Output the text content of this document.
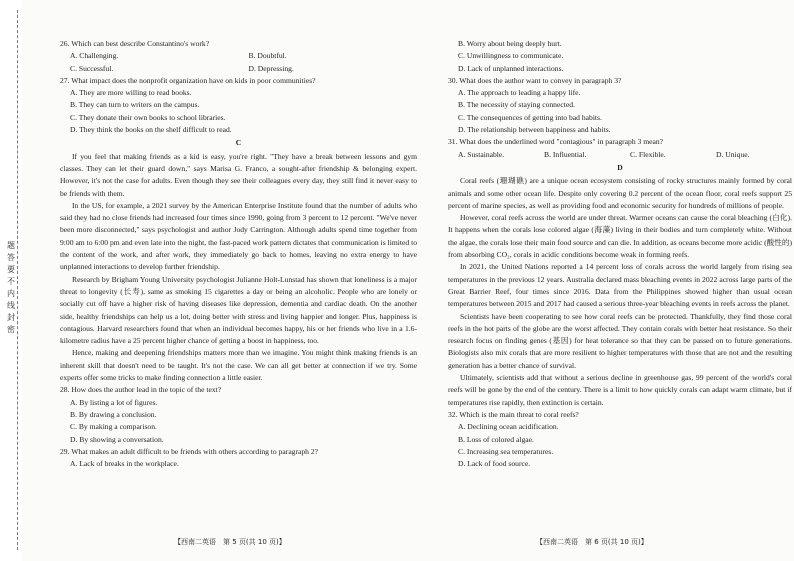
题
答
要
不
内
线
封
密

26. Which can best describe Constantino's work?

A. Challenging.	B. Doubtful.
C. Successful.	D. Depressing.

27. What impact does the nonprofit organization have on kids in poor communities?

A. They are more willing to read books.
B. They can turn to writers on the campus.
C. They donate their own books to school libraries.
D. They think the books on the shelf difficult to read.
C

If you feel that making friends as a kid is easy, you're right. "They have a break between lessons and gym classes. They can let their guard down," says Marisa G. Franco, a sought-after friendship & belonging expert. However, it's not the case for adults. Even though they see their colleagues every day, they still find it never easy to be friends with them.

In the US, for example, a 2021 survey by the American Enterprise Institute found that the number of adults who said they had no close friends had increased four times since 1990, going from 3 percent to 12 percent. "We've never been more disconnected," says psychologist and author Jody Carrington. Although adults spend time together from 9:00 am to 6:00 pm and even late into the night, the fast-paced work pattern dictates that communication is limited to the content of the work, and after work, they immediately go back to homes, leaving no extra energy to have unplanned interactions to develop further friendship.

Research by Brigham Young University psychologist Julianne Holt-Lunstad has shown that loneliness is a major threat to longevity (长寿), same as smoking 15 cigarettes a day or being an alcoholic. People who are lonely or socially cut off have a higher risk of having diseases like depression, dementia and cardiac death. On the another side, healthy friendships can help us a lot, doing better with stress and living happier and longer. Plus, happiness is contagious. Harvard researchers found that when an individual becomes happy, his or her friends who live in a 1.6-kilometre radius have a 25 percent higher chance of getting a boost in happiness, too.

Hence, making and deepening friendships matters more than we imagine. You might think making friends is an inherent skill that doesn't need to be taught. It's not the case. We can all get better at connection if we try. Some experts offer some tricks to make finding connection a little easier.

28. How does the author lead in the topic of the text?

A. By listing a lot of figures.
B. By drawing a conclusion.
C. By making a comparison.
D. By showing a conversation.

29. What makes an adult difficult to be friends with others according to paragraph 2?

A. Lack of breaks in the workplace.
B. Worry about being deeply hurt.
C. Unwillingness to communicate.
D. Lack of unplanned interactions.

30. What does the author want to convey in paragraph 3?

A. The approach to leading a happy life.
B. The necessity of staying connected.
C. The consequences of getting into bad habits.
D. The relationship between happiness and habits.

31. What does the underlined word "contagious" in paragraph 3 mean?

A. Sustainable.	B. Influential.	C. Flexible.	D. Unique.
D

Coral reefs (珊瑚礁) are a unique ocean ecosystem consisting of rocky structures mainly formed by coral animals and some other ocean life. Despite only covering 0.2 percent of the ocean floor, coral reefs support 25 percent of marine species, as well as providing food and economic security for hundreds of millions of people.

However, coral reefs across the world are under threat. Warmer oceans can cause the coral bleaching (白化). It happens when the corals lose colored algae (海藻) living in their bodies and turn completely white. Without the algae, the corals lose their main food source and can die. In addition, as oceans become more acidic (酸性的) from absorbing CO₂, corals in acidic conditions become weak in forming reefs.

In 2021, the United Nations reported a 14 percent loss of corals across the world largely from rising sea temperatures in the previous 12 years. Australia declared mass bleaching events in 2022 across large parts of the Great Barrier Reef, four times since 2016. Data from the Philippines showed higher than usual ocean temperatures between 2015 and 2017 had caused a serious three-year bleaching events in reefs across the planet.

Scientists have been cooperating to see how coral reefs can be protected. Thankfully, they find those coral reefs in the hot parts of the globe are the worst affected. They contain corals with better heat resistance. So their research focus on finding genes (基因) for heat tolerance so that they can be passed on to future generations. Biologists also mix corals that are more resilient to higher temperatures with those that are not and the resulting generation has a better chance of survival.

Ultimately, scientists add that without a serious decline in greenhouse gas, 99 percent of the world's coral reefs will be gone by the end of the century. There is a limit to how quickly corals can adapt warm climate, but if temperatures rise rapidly, then extinction is certain.

32. Which is the main threat to coral reefs?

A. Declining ocean acidification.
B. Loss of colored algae.
C. Increasing sea temperatures.
D. Lack of food source.
【西南二英语　第 5 页(共 10 页)】	【西南二英语　第 6 页(共 10 页)】
